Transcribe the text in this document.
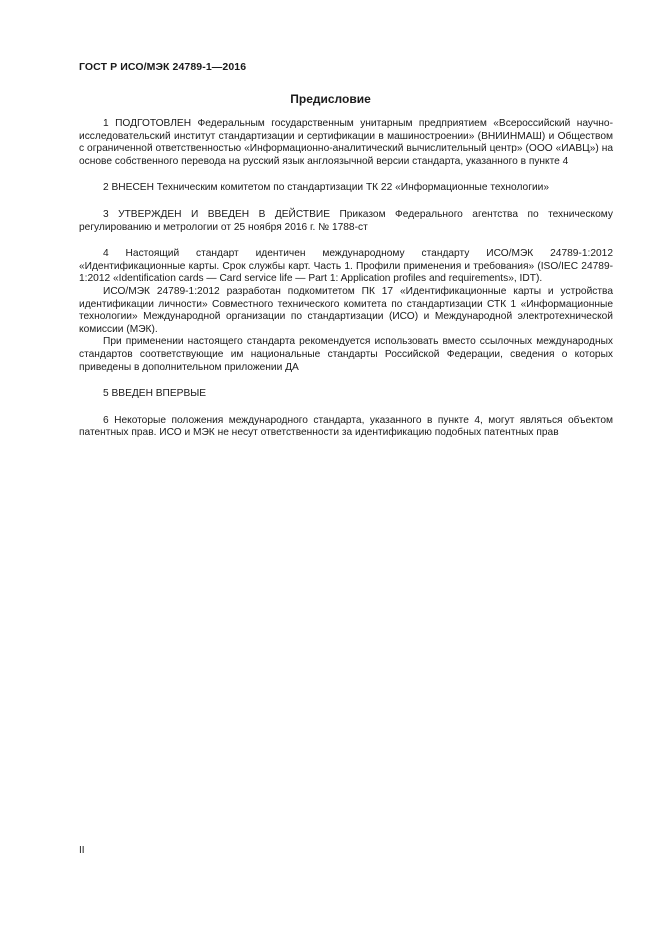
ГОСТ Р ИСО/МЭК 24789-1—2016
Предисловие

1 ПОДГОТОВЛЕН Федеральным государственным унитарным предприятием «Всероссийский научно-исследовательский институт стандартизации и сертификации в машиностроении» (ВНИИНМАШ) и Обществом с ограниченной ответственностью «Информационно-аналитический вычислительный центр» (ООО «ИАВЦ») на основе собственного перевода на русский язык англоязычной версии стандарта, указанного в пункте 4

2 ВНЕСЕН Техническим комитетом по стандартизации ТК 22 «Информационные технологии»

3 УТВЕРЖДЕН И ВВЕДЕН В ДЕЙСТВИЕ Приказом Федерального агентства по техническому регулированию и метрологии от 25 ноября 2016 г. № 1788-ст

4 Настоящий стандарт идентичен международному стандарту ИСО/МЭК 24789-1:2012 «Идентификационные карты. Срок службы карт. Часть 1. Профили применения и требования» (ISO/IEC 24789-1:2012 «Identification cards — Card service life — Part 1: Application profiles and requirements», IDT).

ИСО/МЭК 24789-1:2012 разработан подкомитетом ПК 17 «Идентификационные карты и устройства идентификации личности» Совместного технического комитета по стандартизации СТК 1 «Информационные технологии» Международной организации по стандартизации (ИСО) и Международной электротехнической комиссии (МЭК).

При применении настоящего стандарта рекомендуется использовать вместо ссылочных международных стандартов соответствующие им национальные стандарты Российской Федерации, сведения о которых приведены в дополнительном приложении ДА

5 ВВЕДЕН ВПЕРВЫЕ

6 Некоторые положения международного стандарта, указанного в пункте 4, могут являться объектом патентных прав. ИСО и МЭК не несут ответственности за идентификацию подобных патентных прав

II
